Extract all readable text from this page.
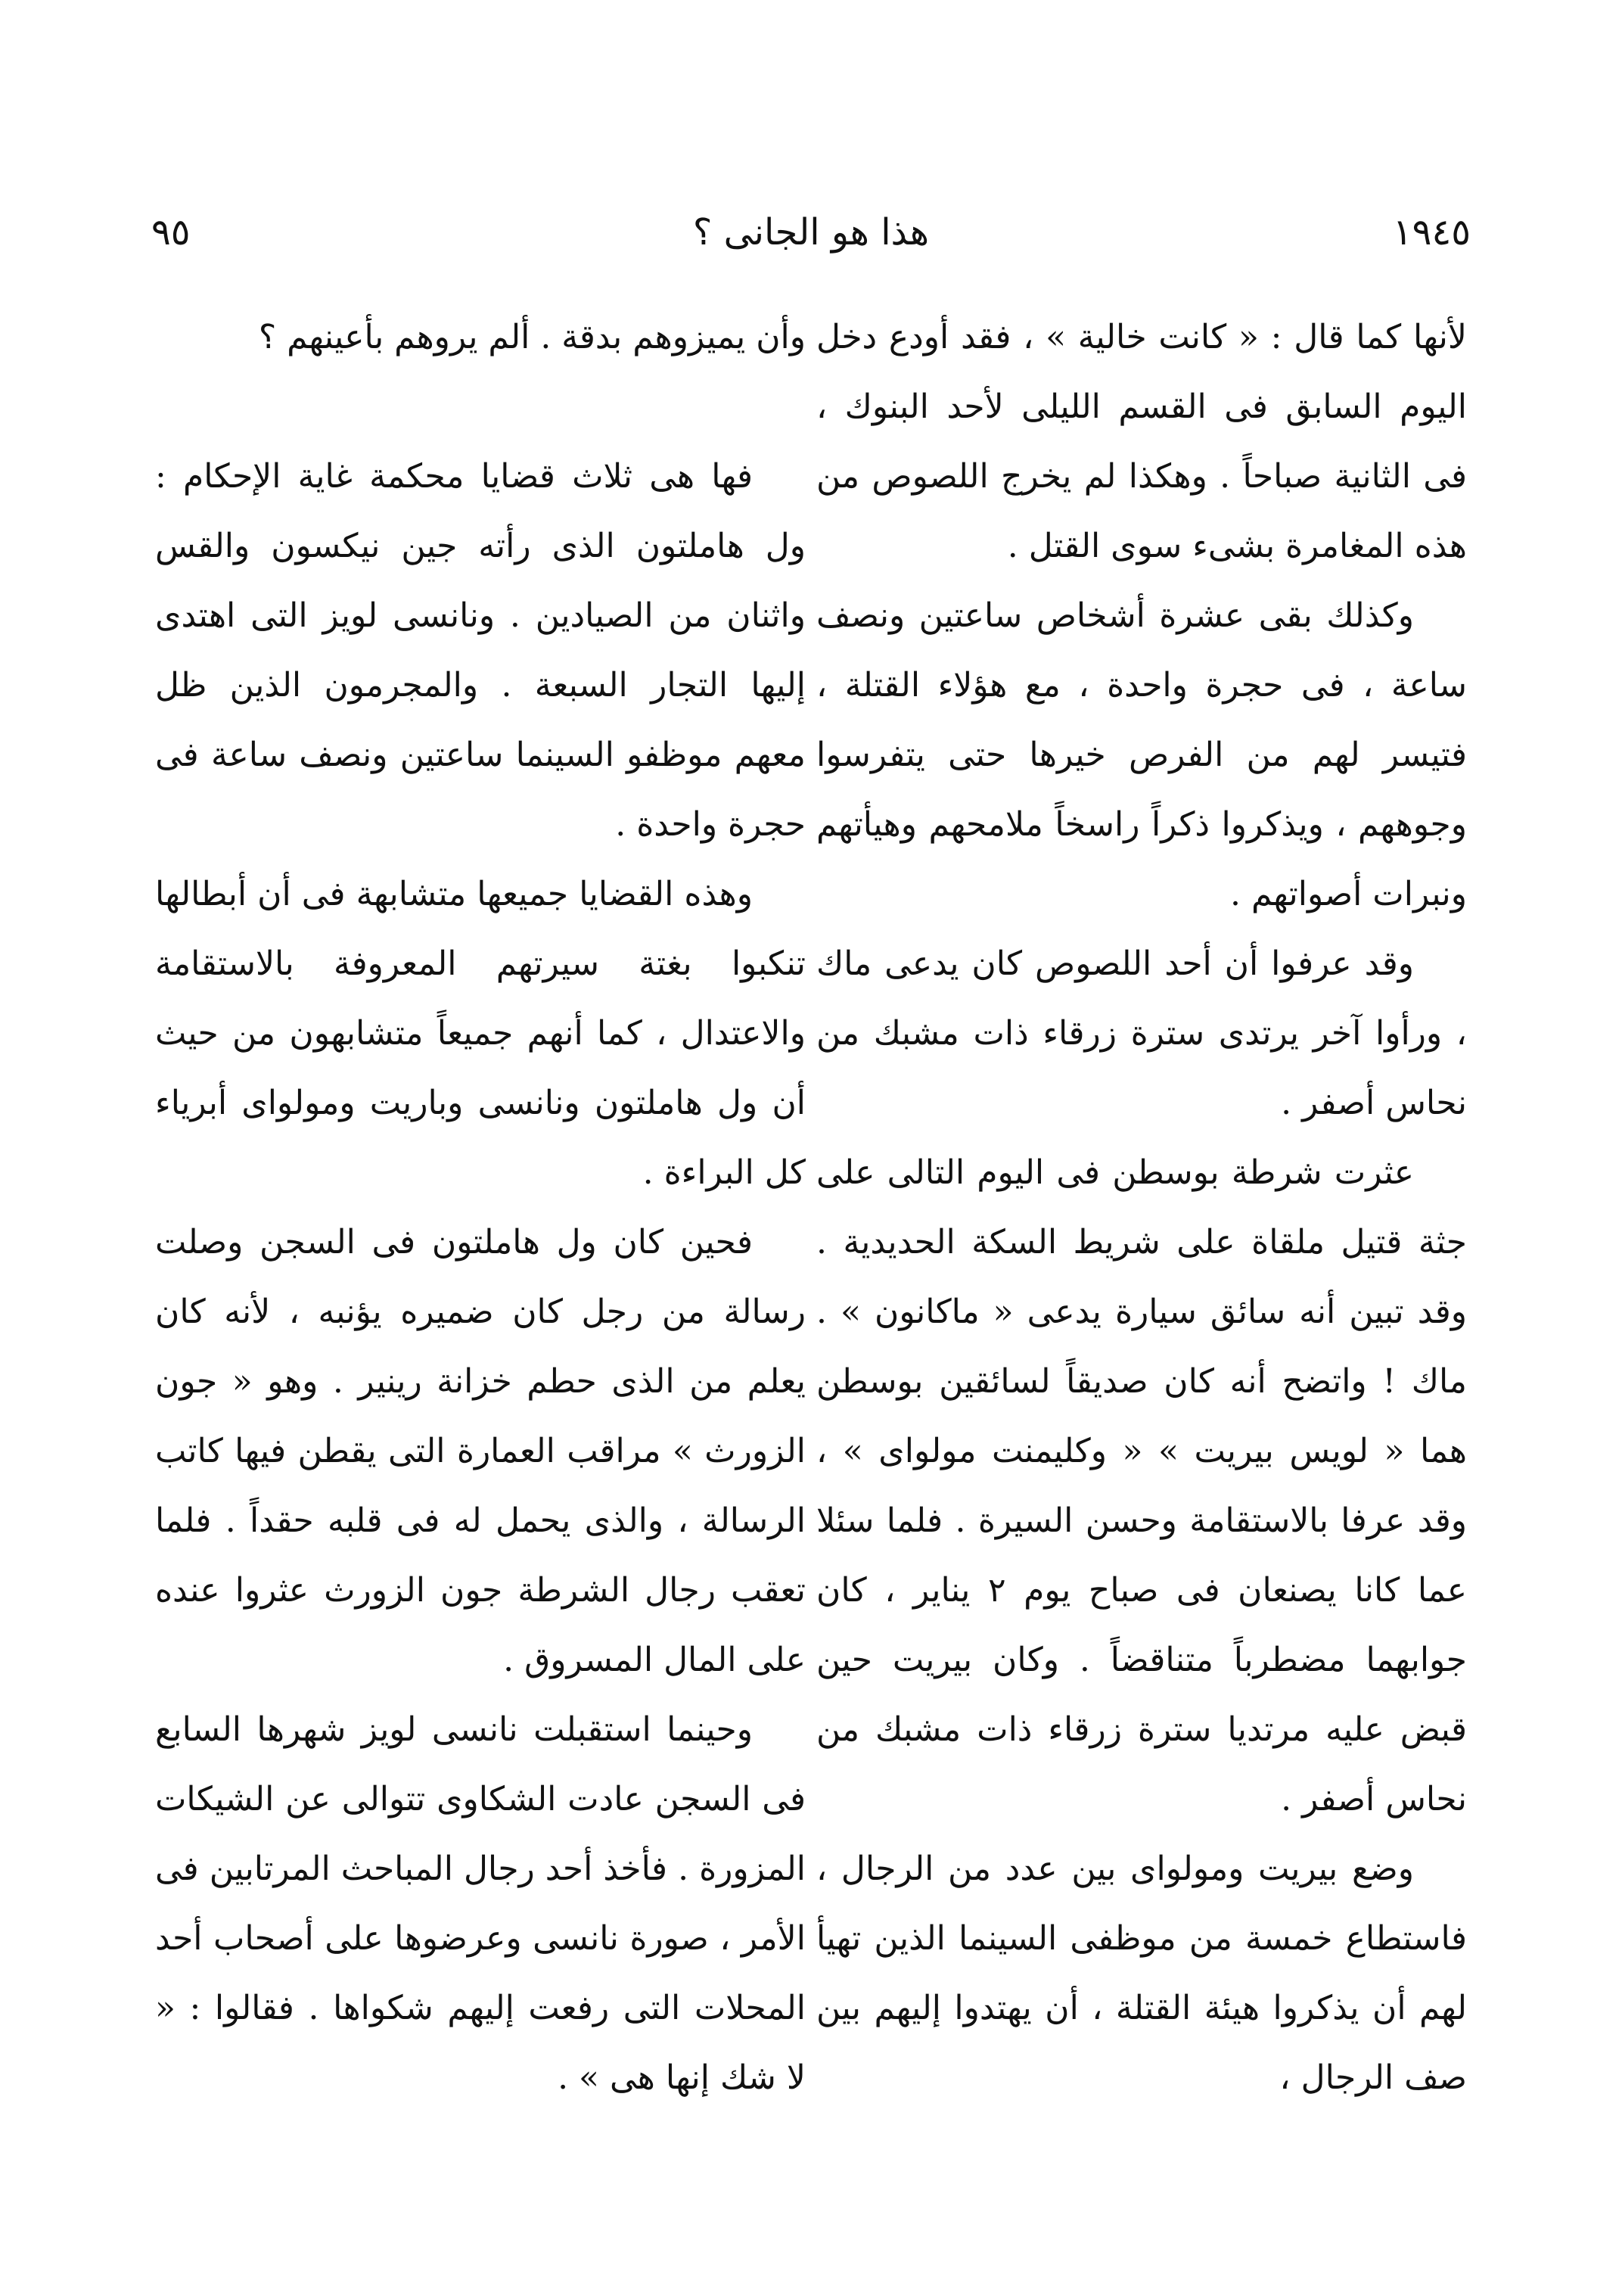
١٩٤٥
هذا هو الجانى ؟
٩٥

لأنها كما قال : « كانت خالية » ، فقد أودع دخل اليوم السابق فى القسم الليلى لأحد البنوك ، فى الثانية صباحاً . وهكذا لم يخرج اللصوص من هذه المغامرة بشىء سوى القتل .

وكذلك بقى عشرة أشخاص ساعتين ونصف ساعة ، فى حجرة واحدة ، مع هؤلاء القتلة ، فتيسر لهم من الفرص خيرها حتى يتفرسوا وجوههم ، ويذكروا ذكراً راسخاً ملامحهم وهيأتهم ونبرات أصواتهم .

وقد عرفوا أن أحد اللصوص كان يدعى ماك ، ورأوا آخر يرتدى سترة زرقاء ذات مشبك من نحاس أصفر .

عثرت شرطة بوسطن فى اليوم التالى على جثة قتيل ملقاة على شريط السكة الحديدية . وقد تبين أنه سائق سيارة يدعى « ماكانون » . ماك ! واتضح أنه كان صديقاً لسائقين بوسطن هما « لويس بيريت » « وكليمنت مولواى » ، وقد عرفا بالاستقامة وحسن السيرة . فلما سئلا عما كانا يصنعان فى صباح يوم ٢ يناير ، كان جوابهما مضطرباً متناقضاً . وكان بيريت حين قبض عليه مرتديا سترة زرقاء ذات مشبك من نحاس أصفر .

وضع بيريت ومولواى بين عدد من الرجال ، فاستطاع خمسة من موظفى السينما الذين تهيأ لهم أن يذكروا هيئة القتلة ، أن يهتدوا إليهم بين صف الرجال ،

وأن يميزوهم بدقة . ألم يروهم بأعينهم ؟

فها هى ثلاث قضايا محكمة غاية الإحكام : ول هاملتون الذى رأته جين نيكسون والقس واثنان من الصيادين . ونانسى لويز التى اهتدى إليها التجار السبعة . والمجرمون الذين ظل معهم موظفو السينما ساعتين ونصف ساعة فى حجرة واحدة .

وهذه القضايا جميعها متشابهة فى أن أبطالها تنكبوا بغتة سيرتهم المعروفة بالاستقامة والاعتدال ، كما أنهم جميعاً متشابهون من حيث أن ول هاملتون ونانسى وباريت ومولواى أبرياء كل البراءة .

فحين كان ول هاملتون فى السجن وصلت رسالة من رجل كان ضميره يؤنبه ، لأنه كان يعلم من الذى حطم خزانة رينير . وهو « جون الزورث » مراقب العمارة التى يقطن فيها كاتب الرسالة ، والذى يحمل له فى قلبه حقداً . فلما تعقب رجال الشرطة جون الزورث عثروا عنده على المال المسروق .

وحينما استقبلت نانسى لويز شهرها السابع فى السجن عادت الشكاوى تتوالى عن الشيكات المزورة . فأخذ أحد رجال المباحث المرتابين فى الأمر ، صورة نانسى وعرضوها على أصحاب أحد المحلات التى رفعت إليهم شكواها . فقالوا : « لا شك إنها هى » .
